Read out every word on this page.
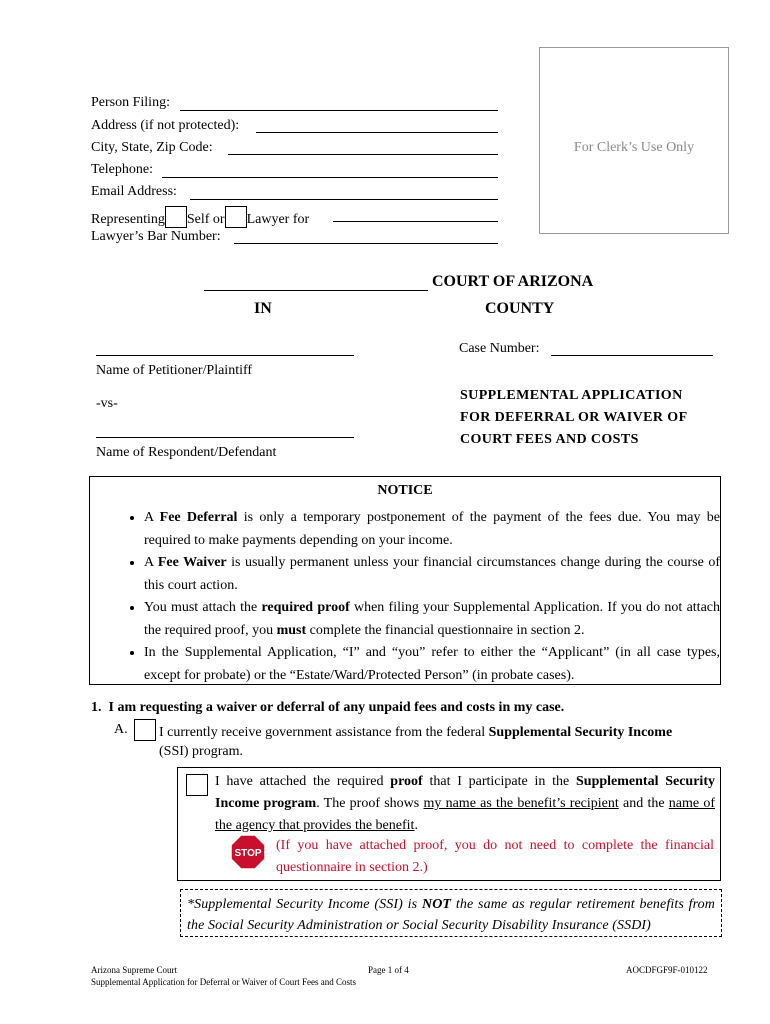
For Clerk’s Use Only
Person Filing:
Address (if not protected):
City, State, Zip Code:
Telephone:
Email Address:
Representing Self or Lawyer for
Lawyer’s Bar Number:
COURT OF ARIZONA
IN	COUNTY
Case Number:
Name of Petitioner/Plaintiff
-vs-
Name of Respondent/Defendant
SUPPLEMENTAL APPLICATION
FOR DEFERRAL OR WAIVER OF
COURT FEES AND COSTS
NOTICE
• A Fee Deferral is only a temporary postponement of the payment of the fees due. You may be required to make payments depending on your income.
• A Fee Waiver is usually permanent unless your financial circumstances change during the course of this court action.
• You must attach the required proof when filing your Supplemental Application. If you do not attach the required proof, you must complete the financial questionnaire in section 2.
• In the Supplemental Application, “I” and “you” refer to either the “Applicant” (in all case types, except for probate) or the “Estate/Ward/Protected Person” (in probate cases).
1.  I am requesting a waiver or deferral of any unpaid fees and costs in my case.
A. I currently receive government assistance from the federal Supplemental Security Income
(SSI) program.
I have attached the required proof that I participate in the Supplemental Security Income program. The proof shows my name as the benefit’s recipient and the name of the agency that provides the benefit.
STOP
(If you have attached proof, you do not need to complete the financial questionnaire in section 2.)

*Supplemental Security Income (SSI) is NOT the same as regular retirement benefits from the Social Security Administration or Social Security Disability Insurance (SSDI)

Arizona Supreme Court
Supplemental Application for Deferral or Waiver of Court Fees and Costs
Page 1 of 4	AOCDFGF9F-010122
